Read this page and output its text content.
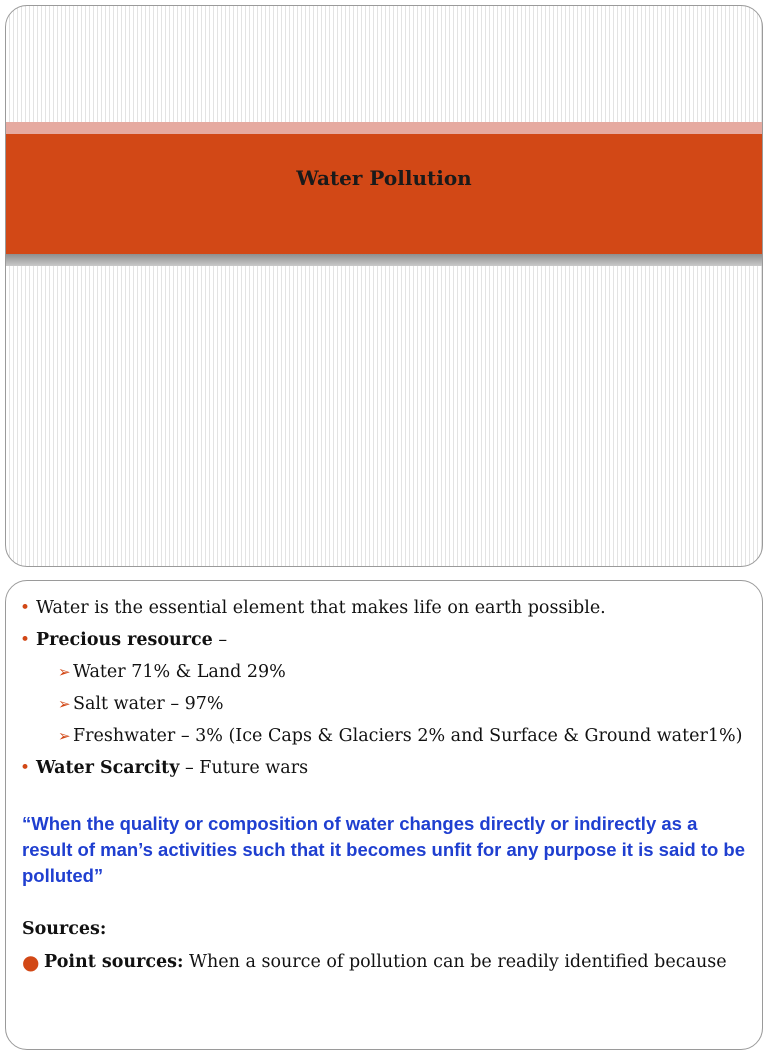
Water Pollution
• Water is the essential element that makes life on earth possible.
• Precious resource –
➢ Water 71% & Land 29%
➢ Salt water – 97%
➢ Freshwater – 3% (Ice Caps & Glaciers 2% and Surface & Ground water1%)
• Water Scarcity – Future wars
“When the quality or composition of water changes directly or indirectly as a result of man’s activities such that it becomes unfit for any purpose it is said to be polluted”
Sources:
● Point sources: When a source of pollution can be readily identified because
